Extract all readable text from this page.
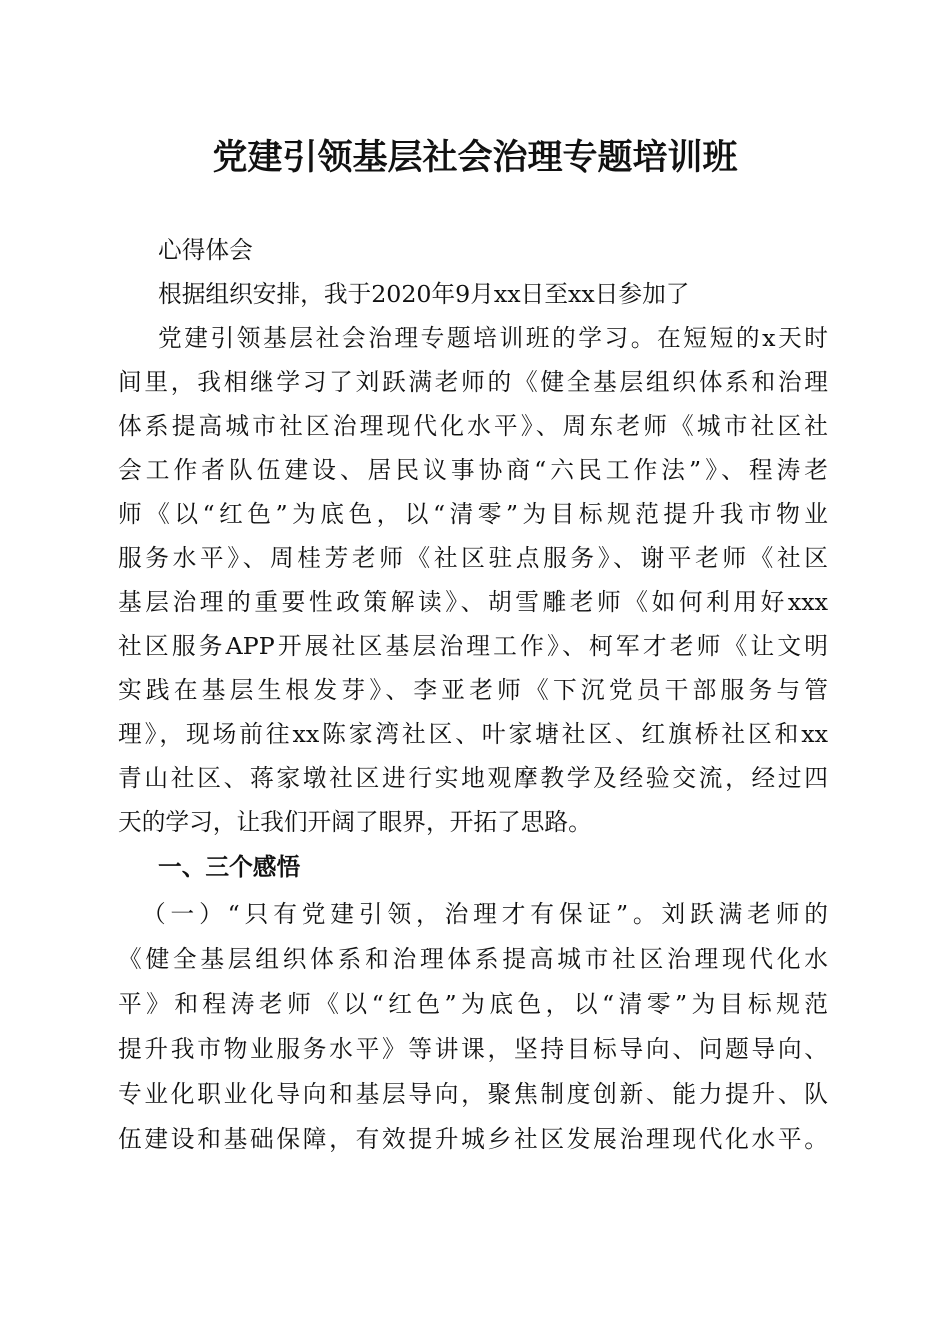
党建引领基层社会治理专题培训班
心得体会
根据组织安排，我于2020年9月xx日至xx日参加了
党建引领基层社会治理专题培训班的学习。在短短的x天时
间里，我相继学习了刘跃满老师的《健全基层组织体系和治理
体系提高城市社区治理现代化水平》、周东老师《城市社区社
会工作者队伍建设、居民议事协商“六民工作法”》、程涛老
师《以“红色”为底色，以“清零”为目标规范提升我市物业
服务水平》、周桂芳老师《社区驻点服务》、谢平老师《社区
基层治理的重要性政策解读》、胡雪雕老师《如何利用好xxx
社区服务APP开展社区基层治理工作》、柯军才老师《让文明
实践在基层生根发芽》、李亚老师《下沉党员干部服务与管
理》，现场前往xx陈家湾社区、叶家塘社区、红旗桥社区和xx
青山社区、蒋家墩社区进行实地观摩教学及经验交流，经过四
天的学习，让我们开阔了眼界，开拓了思路。
一、三个感悟
（一）“只有党建引领，治理才有保证”。刘跃满老师的
《健全基层组织体系和治理体系提高城市社区治理现代化水
平》和程涛老师《以“红色”为底色，以“清零”为目标规范
提升我市物业服务水平》等讲课，坚持目标导向、问题导向、
专业化职业化导向和基层导向，聚焦制度创新、能力提升、队
伍建设和基础保障，有效提升城乡社区发展治理现代化水平。
